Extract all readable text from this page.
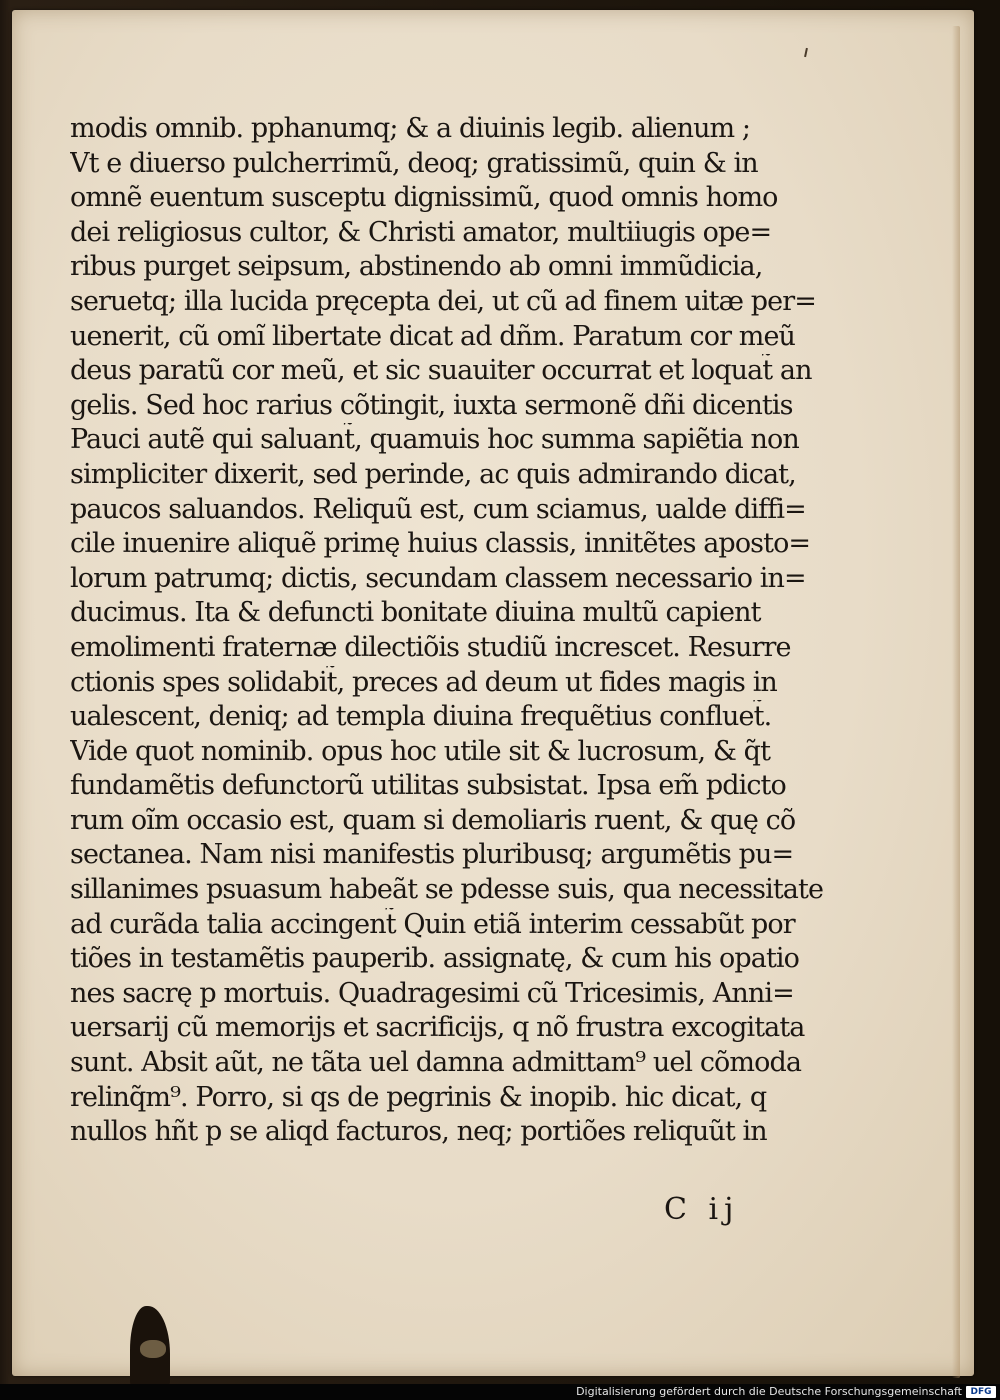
modis omnib. pphanumq; & a diuinis legib. alienum ;
Vt e diuerso pulcherrimũ, deoq; gratissimũ, quin & in
omnẽ euentum susceptu dignissimũ, quod omnis homo
dei religiosus cultor, & Christi amator, multiiugis ope=
ribus purget seipsum, abstinendo ab omni immũdicia,
seruetq; illa lucida pręcepta dei, ut cũ ad finem uitæ per=
uenerit, cũ omĩ libertate dicat ad dñm. Paratum cor meũ
deus paratũ cor meũ, et sic suauiter occurrat et loquat̃ an
gelis. Sed hoc rarius cõtingit, iuxta sermonẽ dñi dicentis
Pauci autẽ qui saluant̃, quamuis hoc summa sapiẽtia non
simpliciter dixerit, sed perinde, ac quis admirando dicat,
paucos saluandos. Reliquũ est, cum sciamus, ualde diffi=
cile inuenire aliquẽ primę huius classis, innitẽtes aposto=
lorum patrumq; dictis, secundam classem necessario in=
ducimus. Ita & defuncti bonitate diuina multũ capient
emolimenti fraternæ dilectiõis studiũ increscet. Resurre
ctionis spes solidabit̃, preces ad deum ut fides magis in
ualescent, deniq; ad templa diuina frequẽtius confluet̃.
Vide quot nominib. opus hoc utile sit & lucrosum, & q̃t
fundamẽtis defunctorũ utilitas subsistat. Ipsa em̃ pdicto
rum oĩm occasio est, quam si demoliaris ruent, & quę cõ
sectanea. Nam nisi manifestis pluribusq; argumẽtis pu=
sillanimes psuasum habeãt se pdesse suis, qua necessitate
ad curãda talia accingent̃ Quin etiã interim cessabũt por
tiões in testamẽtis pauperib. assignatę, & cum his opatio
nes sacrę p mortuis. Quadragesimi cũ Tricesimis, Anni=
uersarij cũ memorijs et sacrificijs, q nõ frustra excogitata
sunt. Absit aũt, ne tãta uel damna admittam⁹ uel cõmoda
relinq̃m⁹. Porro, si qs de pegrinis & inopib. hic dicat, q
nullos hñt p se aliqd facturos, neq; portiões reliquũt in
C ij
Digitalisierung gefördert durch die Deutsche Forschungsgemeinschaft DFG
